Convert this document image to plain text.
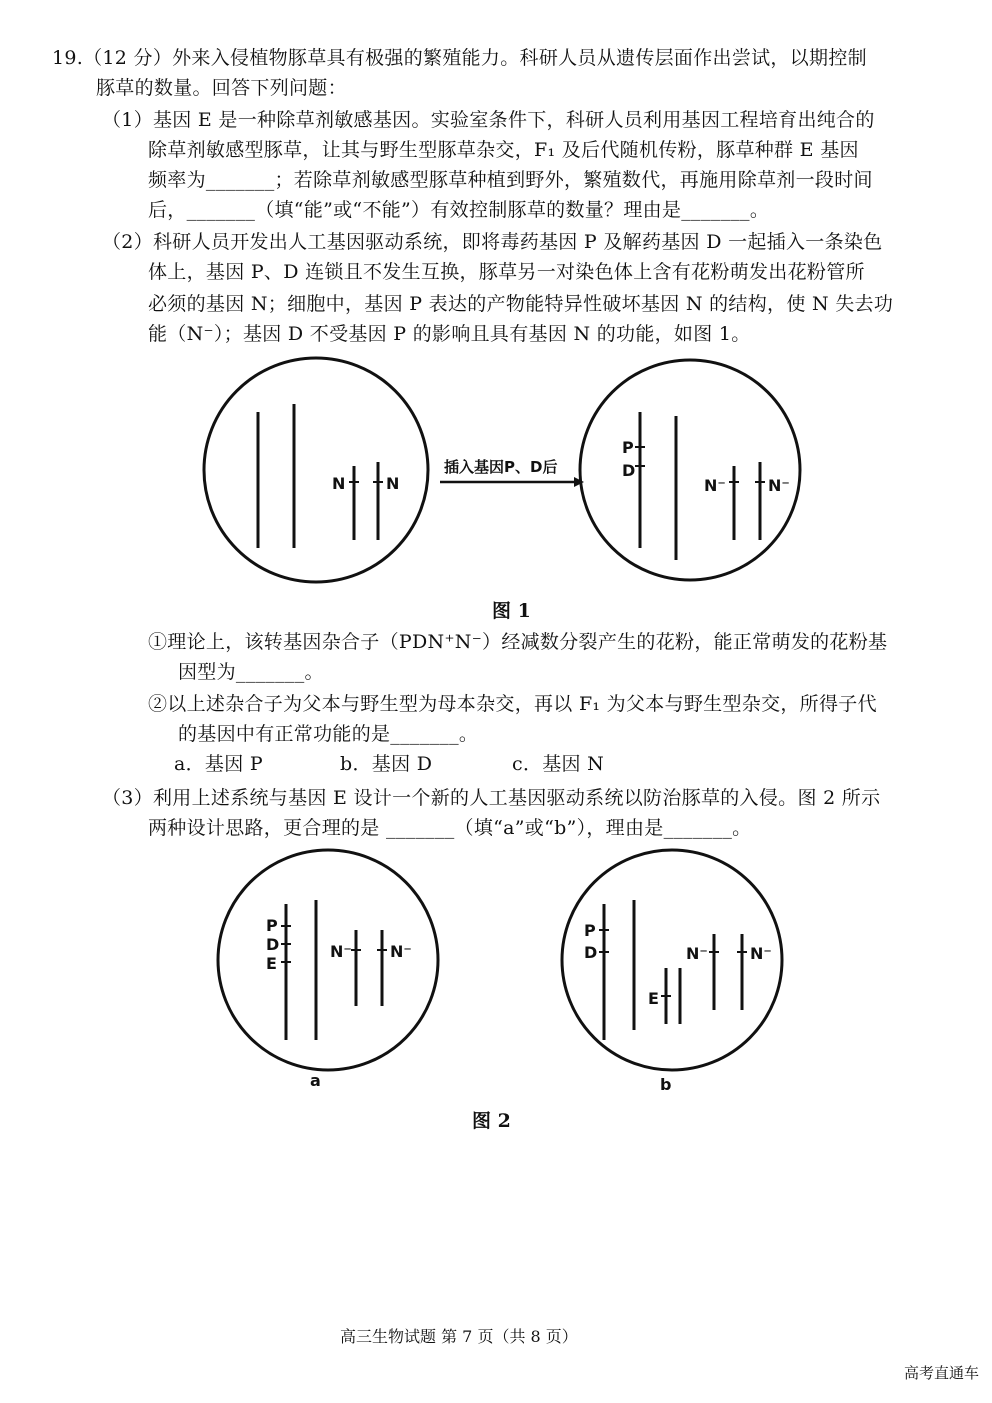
19.（12 分）外来入侵植物豚草具有极强的繁殖能力。科研人员从遗传层面作出尝试，以期控制
豚草的数量。回答下列问题：
（1）基因 E 是一种除草剂敏感基因。实验室条件下，科研人员利用基因工程培育出纯合的
除草剂敏感型豚草，让其与野生型豚草杂交，F₁ 及后代随机传粉，豚草种群 E 基因
频率为_______；若除草剂敏感型豚草种植到野外，繁殖数代，再施用除草剂一段时间
后，_______（填“能”或“不能”）有效控制豚草的数量？理由是_______。
（2）科研人员开发出人工基因驱动系统，即将毒药基因 P 及解药基因 D 一起插入一条染色
体上，基因 P、D 连锁且不发生互换，豚草另一对染色体上含有花粉萌发出花粉管所
必须的基因 N；细胞中，基因 P 表达的产物能特异性破坏基因 N 的结构，使 N 失去功
能（N⁻）；基因 D 不受基因 P 的影响且具有基因 N 的功能，如图 1。
N	N
插入基因P、D后
P
D
N⁻	N⁻
图 1
①理论上，该转基因杂合子（PDN⁺N⁻）经减数分裂产生的花粉，能正常萌发的花粉基
因型为_______。
②以上述杂合子为父本与野生型为母本杂交，再以 F₁ 为父本与野生型杂交，所得子代
的基因中有正常功能的是_______。
a．基因 P	b．基因 D	c．基因 N
（3）利用上述系统与基因 E 设计一个新的人工基因驱动系统以防治豚草的入侵。图 2 所示
两种设计思路，更合理的是 _______（填“a”或“b”），理由是_______。
P
D
E
N⁻ N⁻
a
P
D
E
N⁻	N⁻
b
图 2
高三生物试题 第 7 页（共 8 页）
高考直通车
